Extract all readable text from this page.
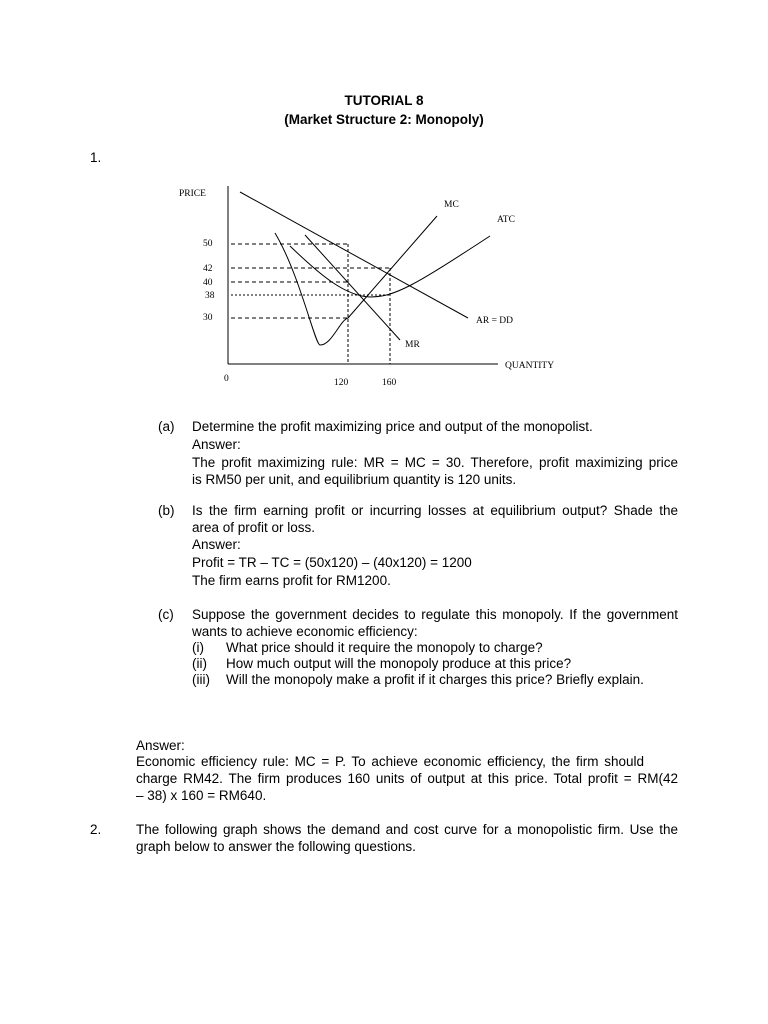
TUTORIAL 8
(Market Structure 2: Monopoly)
1.
PRICE
QUANTITY
0
50
42
40
38
30
120	160
MC
ATC
AR = DD
MR
(a) Determine the profit maximizing price and output of the monopolist.
Answer:
The profit maximizing rule: MR = MC = 30. Therefore, profit maximizing price
is RM50 per unit, and equilibrium quantity is 120 units.
(b) Is the firm earning profit or incurring losses at equilibrium output? Shade the
area of profit or loss.
Answer:
Profit = TR – TC = (50x120) – (40x120) = 1200
The firm earns profit for RM1200.
(c) Suppose the government decides to regulate this monopoly. If the government
wants to achieve economic efficiency:
(i) What price should it require the monopoly to charge?
(ii) How much output will the monopoly produce at this price?
(iii) Will the monopoly make a profit if it charges this price? Briefly explain.
Answer:
Economic efficiency rule: MC = P. To achieve economic efficiency, the firm should
charge RM42. The firm produces 160 units of output at this price. Total profit = RM(42
– 38) x 160 = RM640.
2.	The following graph shows the demand and cost curve for a monopolistic firm. Use the
graph below to answer the following questions.
